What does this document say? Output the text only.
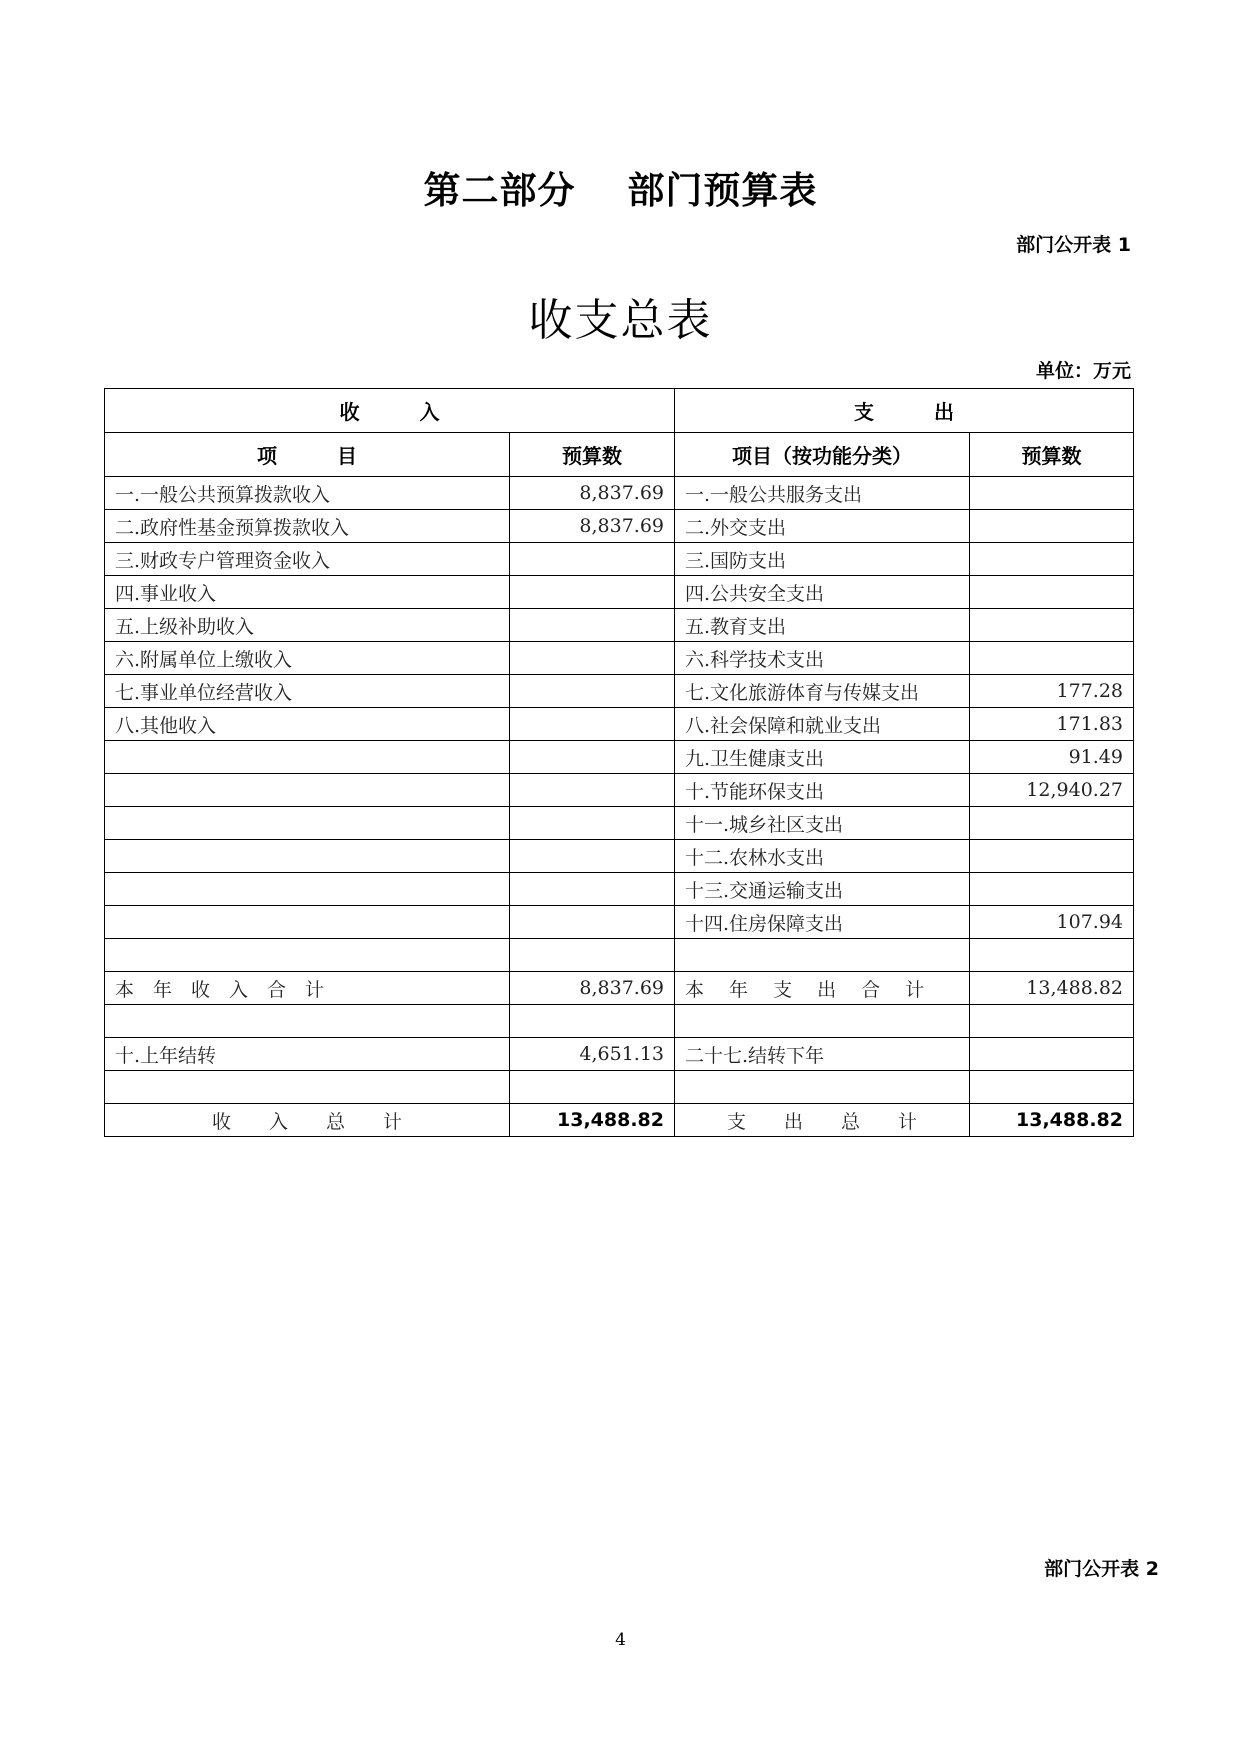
第二部分　 部门预算表
部门公开表 1
收支总表
单位：万元
收　　　入		支　　　出	
项　　　目	预算数	项目（按功能分类）	预算数
一.一般公共预算拨款收入	8,837.69	一.一般公共服务支出	
二.政府性基金预算拨款收入	8,837.69	二.外交支出	
三.财政专户管理资金收入		三.国防支出	
四.事业收入		四.公共安全支出	
五.上级补助收入		五.教育支出	
六.附属单位上缴收入		六.科学技术支出	
七.事业单位经营收入		七.文化旅游体育与传媒支出	177.28
八.其他收入		八.社会保障和就业支出	171.83
		九.卫生健康支出	91.49
		十.节能环保支出	12,940.27
		十一.城乡社区支出	
		十二.农林水支出	
		十三.交通运输支出	
		十四.住房保障支出	107.94

本　年　收　入　合　计	8,837.69	本　 年　 支　 出　 合　 计	13,488.82

十.上年结转	4,651.13	二十七.结转下年	

收　　入　　总　　计	13,488.82	支　　出　　总　　计	13,488.82
部门公开表 2
4
